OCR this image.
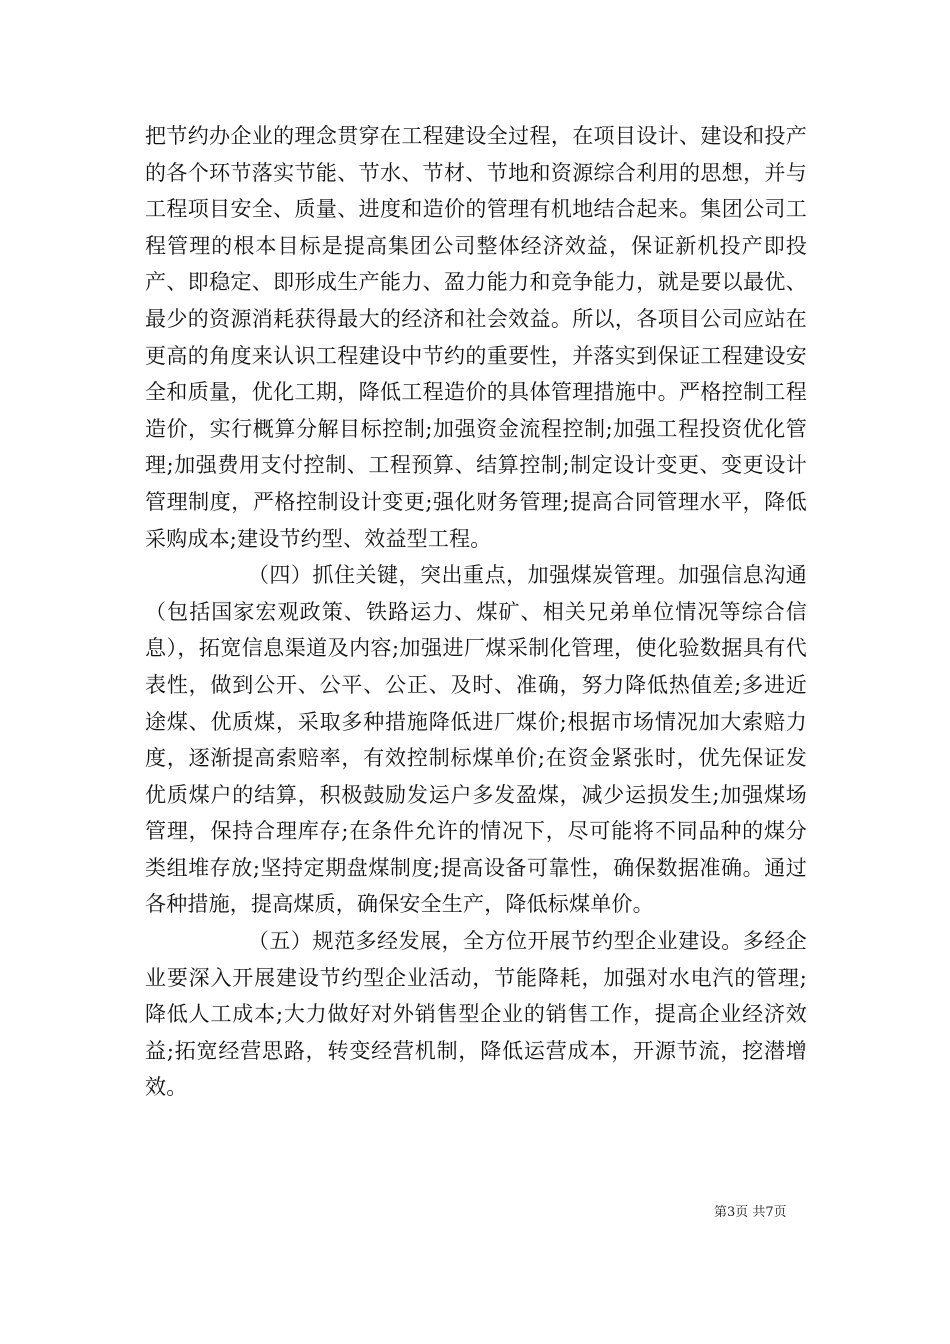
把节约办企业的理念贯穿在工程建设全过程，在项目设计、建设和投产的各个环节落实节能、节水、节材、节地和资源综合利用的思想，并与工程项目安全、质量、进度和造价的管理有机地结合起来。集团公司工程管理的根本目标是提高集团公司整体经济效益，保证新机投产即投产、即稳定、即形成生产能力、盈力能力和竞争能力，就是要以最优、最少的资源消耗获得最大的经济和社会效益。所以，各项目公司应站在更高的角度来认识工程建设中节约的重要性，并落实到保证工程建设安全和质量，优化工期，降低工程造价的具体管理措施中。严格控制工程造价，实行概算分解目标控制;加强资金流程控制;加强工程投资优化管理;加强费用支付控制、工程预算、结算控制;制定设计变更、变更设计管理制度，严格控制设计变更;强化财务管理;提高合同管理水平，降低采购成本;建设节约型、效益型工程。

（四）抓住关键，突出重点，加强煤炭管理。加强信息沟通（包括国家宏观政策、铁路运力、煤矿、相关兄弟单位情况等综合信息），拓宽信息渠道及内容;加强进厂煤采制化管理，使化验数据具有代表性，做到公开、公平、公正、及时、准确，努力降低热值差;多进近途煤、优质煤，采取多种措施降低进厂煤价;根据市场情况加大索赔力度，逐渐提高索赔率，有效控制标煤单价;在资金紧张时，优先保证发优质煤户的结算，积极鼓励发运户多发盈煤，减少运损发生;加强煤场管理，保持合理库存;在条件允许的情况下，尽可能将不同品种的煤分类组堆存放;坚持定期盘煤制度;提高设备可靠性，确保数据准确。通过各种措施，提高煤质，确保安全生产，降低标煤单价。

（五）规范多经发展，全方位开展节约型企业建设。多经企业要深入开展建设节约型企业活动，节能降耗，加强对水电汽的管理;降低人工成本;大力做好对外销售型企业的销售工作，提高企业经济效益;拓宽经营思路，转变经营机制，降低运营成本，开源节流，挖潜增效。

第3页 共7页
